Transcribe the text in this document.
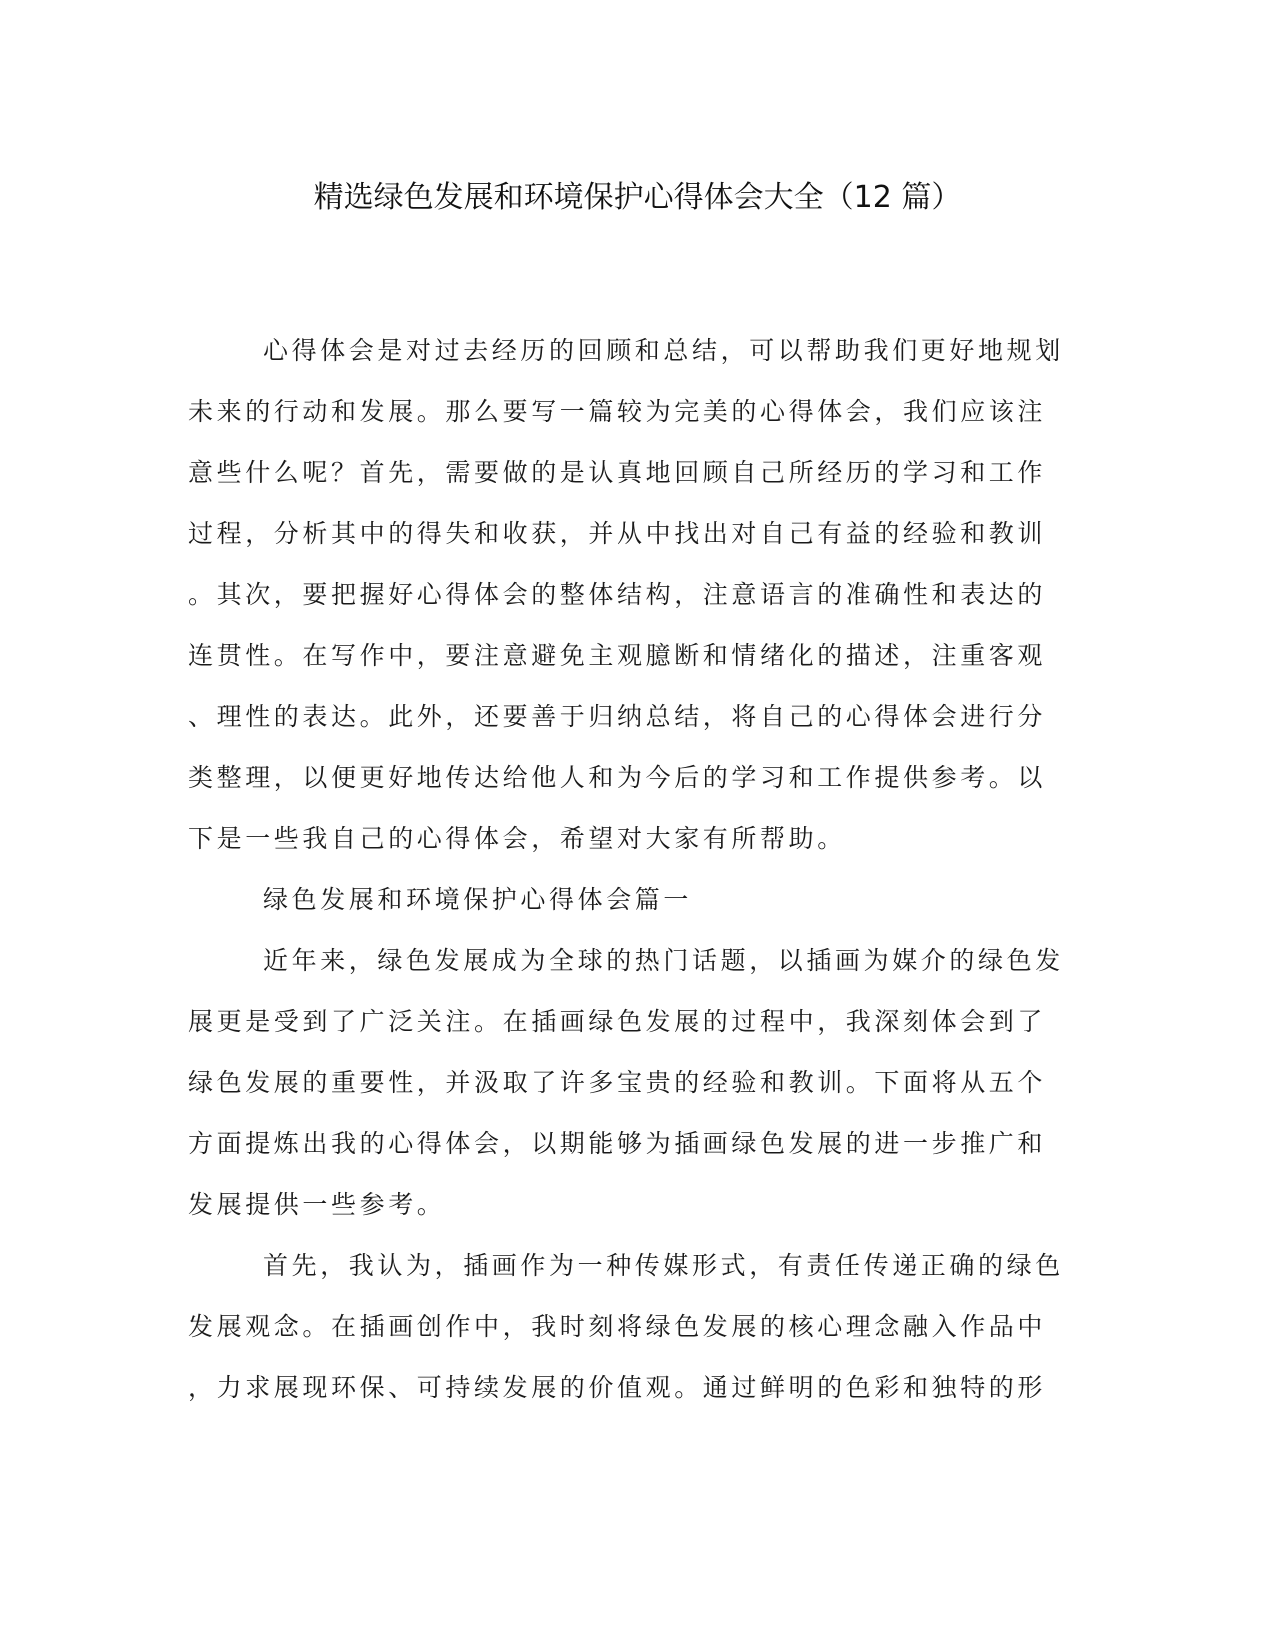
精选绿色发展和环境保护心得体会大全（12 篇）
心得体会是对过去经历的回顾和总结，可以帮助我们更好地规划
未来的行动和发展。那么要写一篇较为完美的心得体会，我们应该注
意些什么呢？首先，需要做的是认真地回顾自己所经历的学习和工作
过程，分析其中的得失和收获，并从中找出对自己有益的经验和教训
。其次，要把握好心得体会的整体结构，注意语言的准确性和表达的
连贯性。在写作中，要注意避免主观臆断和情绪化的描述，注重客观
、理性的表达。此外，还要善于归纳总结，将自己的心得体会进行分
类整理，以便更好地传达给他人和为今后的学习和工作提供参考。以
下是一些我自己的心得体会，希望对大家有所帮助。
绿色发展和环境保护心得体会篇一
近年来，绿色发展成为全球的热门话题，以插画为媒介的绿色发
展更是受到了广泛关注。在插画绿色发展的过程中，我深刻体会到了
绿色发展的重要性，并汲取了许多宝贵的经验和教训。下面将从五个
方面提炼出我的心得体会，以期能够为插画绿色发展的进一步推广和
发展提供一些参考。
首先，我认为，插画作为一种传媒形式，有责任传递正确的绿色
发展观念。在插画创作中，我时刻将绿色发展的核心理念融入作品中
，力求展现环保、可持续发展的价值观。通过鲜明的色彩和独特的形
